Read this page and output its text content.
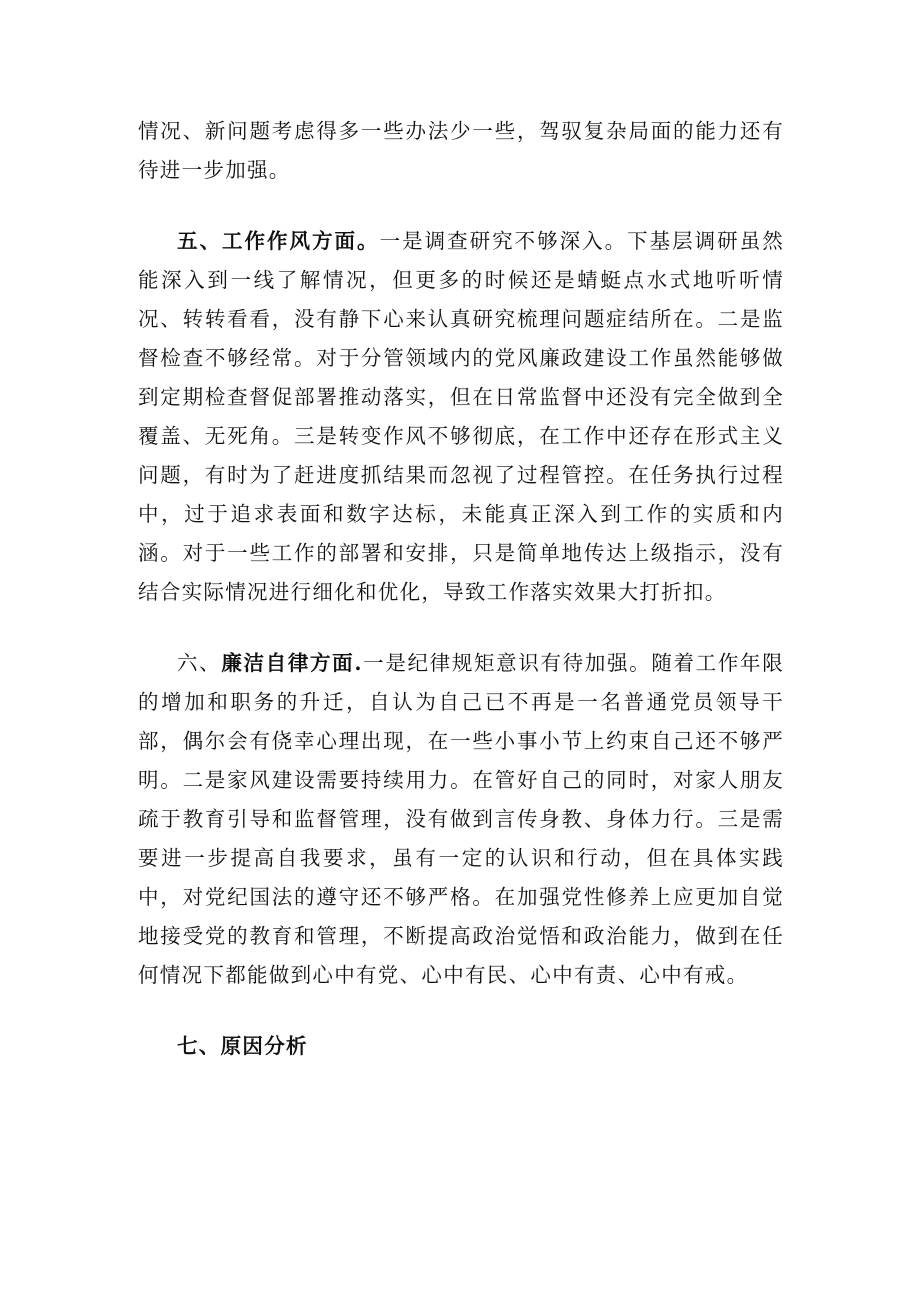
情况、新问题考虑得多一些办法少一些，驾驭复杂局面的能力还有待进一步加强。

五、工作作风方面。一是调查研究不够深入。下基层调研虽然能深入到一线了解情况，但更多的时候还是蜻蜓点水式地听听情况、转转看看，没有静下心来认真研究梳理问题症结所在。二是监督检查不够经常。对于分管领域内的党风廉政建设工作虽然能够做到定期检查督促部署推动落实，但在日常监督中还没有完全做到全覆盖、无死角。三是转变作风不够彻底，在工作中还存在形式主义问题，有时为了赶进度抓结果而忽视了过程管控。在任务执行过程中，过于追求表面和数字达标，未能真正深入到工作的实质和内涵。对于一些工作的部署和安排，只是简单地传达上级指示，没有结合实际情况进行细化和优化，导致工作落实效果大打折扣。

六、廉洁自律方面.一是纪律规矩意识有待加强。随着工作年限的增加和职务的升迁，自认为自己已不再是一名普通党员领导干部，偶尔会有侥幸心理出现，在一些小事小节上约束自己还不够严明。二是家风建设需要持续用力。在管好自己的同时，对家人朋友疏于教育引导和监督管理，没有做到言传身教、身体力行。三是需要进一步提高自我要求，虽有一定的认识和行动，但在具体实践中，对党纪国法的遵守还不够严格。在加强党性修养上应更加自觉地接受党的教育和管理，不断提高政治觉悟和政治能力，做到在任何情况下都能做到心中有党、心中有民、心中有责、心中有戒。

七、原因分析
